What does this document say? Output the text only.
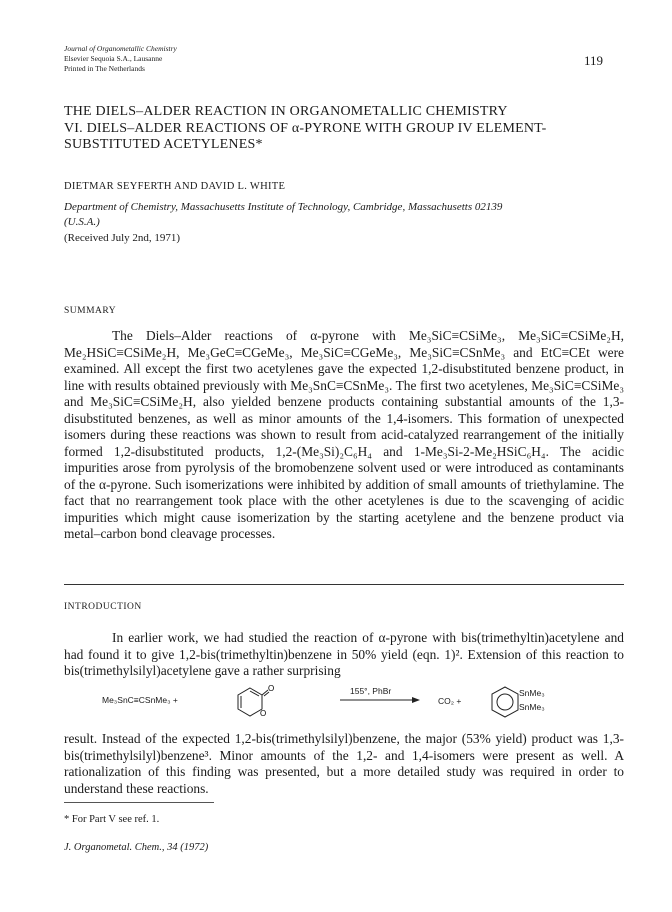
Journal of Organometallic Chemistry
Elsevier Sequoia S.A., Lausanne
Printed in The Netherlands
119
THE DIELS–ALDER REACTION IN ORGANOMETALLIC CHEMISTRY
VI. DIELS–ALDER REACTIONS OF α-PYRONE WITH GROUP IV ELEMENT-
SUBSTITUTED ACETYLENES*
DIETMAR SEYFERTH AND DAVID L. WHITE
Department of Chemistry, Massachusetts Institute of Technology, Cambridge, Massachusetts 02139
(U.S.A.)
(Received July 2nd, 1971)
SUMMARY

The Diels–Alder reactions of α-pyrone with Me₃SiC≡CSiMe₃, Me₃SiC≡CSiMe₂H, Me₂HSiC≡CSiMe₂H, Me₃GeC≡CGeMe₃, Me₃SiC≡CGeMe₃, Me₃SiC≡CSnMe₃ and EtC≡CEt were examined. All except the first two acetylenes gave the expected 1,2-disubstituted benzene product, in line with results obtained previously with Me₃SnC≡CSnMe₃. The first two acetylenes, Me₃SiC≡CSiMe₃ and Me₃SiC≡CSiMe₂H, also yielded benzene products containing substantial amounts of the 1,3-disubstituted benzenes, as well as minor amounts of the 1,4-isomers. This formation of unexpected isomers during these reactions was shown to result from acid-catalyzed rearrangement of the initially formed 1,2-disubstituted products, 1,2-(Me₃Si)₂C₆H₄ and 1-Me₃Si-2-Me₂HSiC₆H₄. The acidic impurities arose from pyrolysis of the bromobenzene solvent used or were introduced as contaminants of the α-pyrone. Such isomerizations were inhibited by addition of small amounts of triethylamine. The fact that no rearrangement took place with the other acetylenes is due to the scavenging of acidic impurities which might cause isomerization by the starting acetylene and the benzene product via metal–carbon bond cleavage processes.

INTRODUCTION

In earlier work, we had studied the reaction of α-pyrone with bis(trimethyltin)acetylene and had found it to give 1,2-bis(trimethyltin)benzene in 50% yield (eqn. 1)². Extension of this reaction to bis(trimethylsilyl)acetylene gave a rather surprising

Me₃SnC≡CSnMe₃ +
O
O
155°, PhBr
CO₂ +
SnMe₃
SnMe₃

result. Instead of the expected 1,2-bis(trimethylsilyl)benzene, the major (53% yield) product was 1,3-bis(trimethylsilyl)benzene³. Minor amounts of the 1,2- and 1,4-isomers were present as well. A rationalization of this finding was presented, but a more detailed study was required in order to understand these reactions.

* For Part V see ref. 1.
J. Organometal. Chem., 34 (1972)
